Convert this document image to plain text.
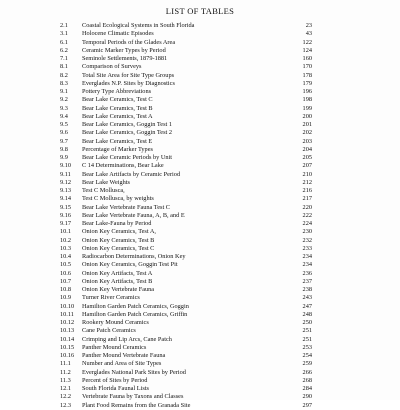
LIST OF TABLES
2.1	Coastal Ecological Systems in South Florida	23
3.1	Holocene Climatic Episodes	43
6.1	Temporal Periods of the Glades Area	122
6.2	Ceramic Marker Types by Period	124
7.1	Seminole Settlements, 1879-1881	160
8.1	Comparison of Surveys	170
8.2	Total Site Area for Site Type Groups	178
8.3	Everglades N.P. Sites by Diagnostics	179
9.1	Pottery Type Abbreviations	196
9.2	Bear Lake Ceramics, Test C	198
9.3	Bear Lake Ceramics, Test B	199
9.4	Bear Lake Ceramics, Test A	200
9.5	Bear Lake Ceramics, Goggin Test 1	201
9.6	Bear Lake Ceramics, Goggin Test 2	202
9.7	Bear Lake Ceramics, Test E	203
9.8	Percentage of Marker Types	204
9.9	Bear Lake Ceramic Periods by Unit	205
9.10	C 14 Determinations, Bear Lake	207
9.11	Bear Lake Artifacts by Ceramic Period	210
9.12	Bear Lake Weights	212
9.13	Test C Mollusca,	216
9.14	Test C Mollusca, by weights	217
9.15	Bear Lake Vertebrate Fauna Test C	220
9.16	Bear Lake Vertebrate Fauna, A, B, and E	222
9.17	Bear Lake-Fauna by Period	224
10.1	Onion Key Ceramics, Test A,	230
10.2	Onion Key Ceramics, Test B	232
10.3	Onion Key Ceramics, Test C	233
10.4	Radiocarbon Determinations, Onion Key	234
10.5	Onion Key Ceramics, Goggin Test Pit	234
10.6	Onion Key Artifacts, Test A	236
10.7	Onion Key Artifacts, Test B	237
10.8	Onion Key Vertebrate Fauna	238
10.9	Turner River Ceramics	243
10.10	Hamilton Garden Patch Ceramics, Goggin	247
10.11	Hamilton Garden Patch Ceramics, Griffin	248
10.12	Rookery Mound Ceramics	250
10.13	Cane Patch Ceramics	251
10.14	Crimping and Lip Arcs, Cane Patch	251
10.15	Panther Mound Ceramics	253
10.16	Panther Mound Vertebrate Fauna	254
11.1	Number and Area of Site Types	259
11.2	Everglades National Park Sites by Period	266
11.3	Percent of Sites by Period	268
12.1	South Florida Faunal Lists	284
12.2	Vertebrate Fauna by Taxons and Classes	290
12.3	Plant Food Remains from the Granada Site	297
